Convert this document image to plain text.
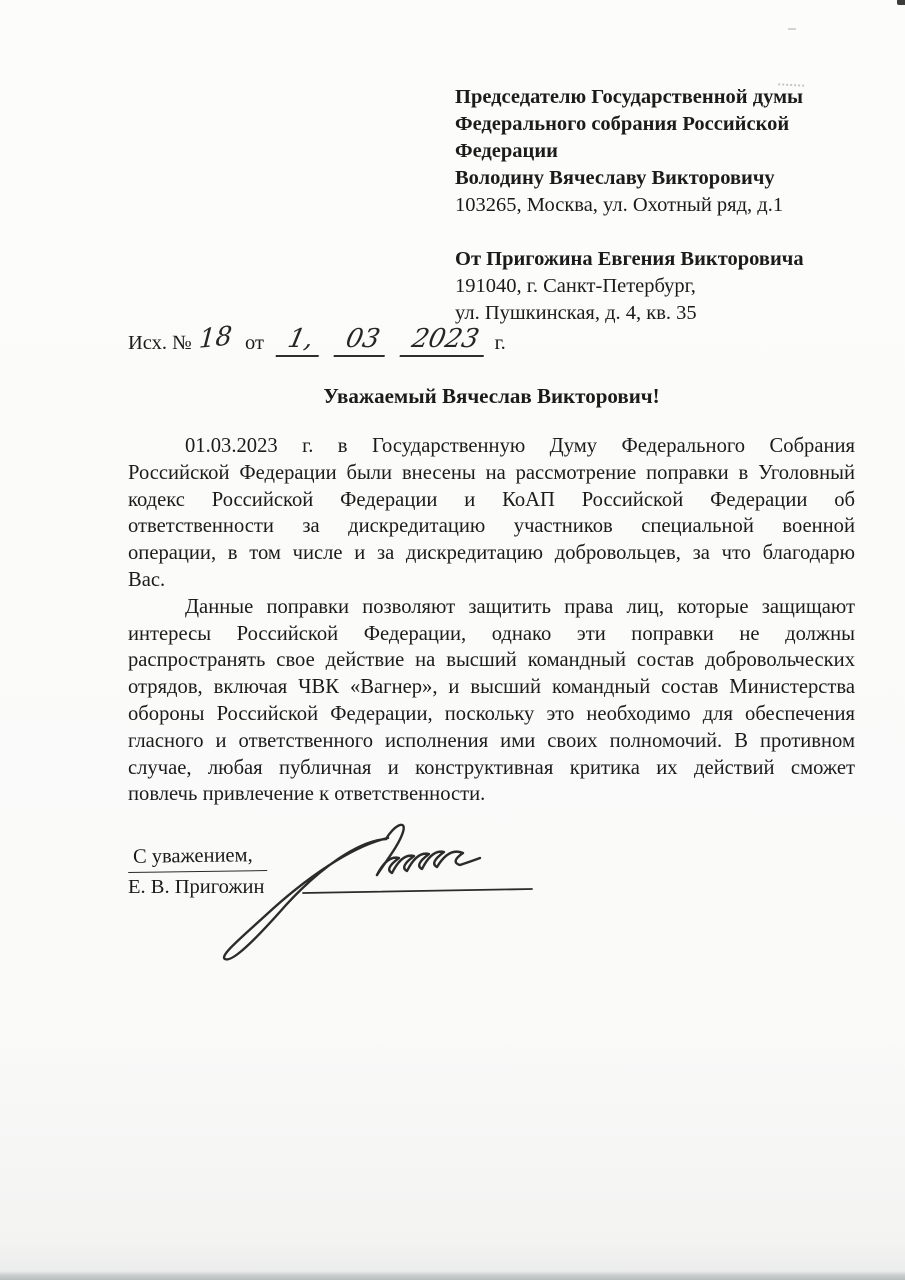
Председателю Государственной думы
Федерального собрания Российской
Федерации
Володину Вячеславу Викторовичу
103265, Москва, ул. Охотный ряд, д.1
От Пригожина Евгения Викторовича
191040, г. Санкт-Петербург,
ул. Пушкинская, д. 4, кв. 35
Исх. № 18 от 1, 03 2023 г.
Уважаемый Вячеслав Викторович!
01.03.2023 г. в Государственную Думу Федерального Собрания
Российской Федерации были внесены на рассмотрение поправки в Уголовный
кодекс Российской Федерации и КоАП Российской Федерации об
ответственности за дискредитацию участников специальной военной
операции, в том числе и за дискредитацию добровольцев, за что благодарю
Вас.
Данные поправки позволяют защитить права лиц, которые защищают
интересы Российской Федерации, однако эти поправки не должны
распространять свое действие на высший командный состав добровольческих
отрядов, включая ЧВК «Вагнер», и высший командный состав Министерства
обороны Российской Федерации, поскольку это необходимо для обеспечения
гласного и ответственного исполнения ими своих полномочий. В противном
случае, любая публичная и конструктивная критика их действий сможет
повлечь привлечение к ответственности.
С уважением,
Е. В. Пригожин
